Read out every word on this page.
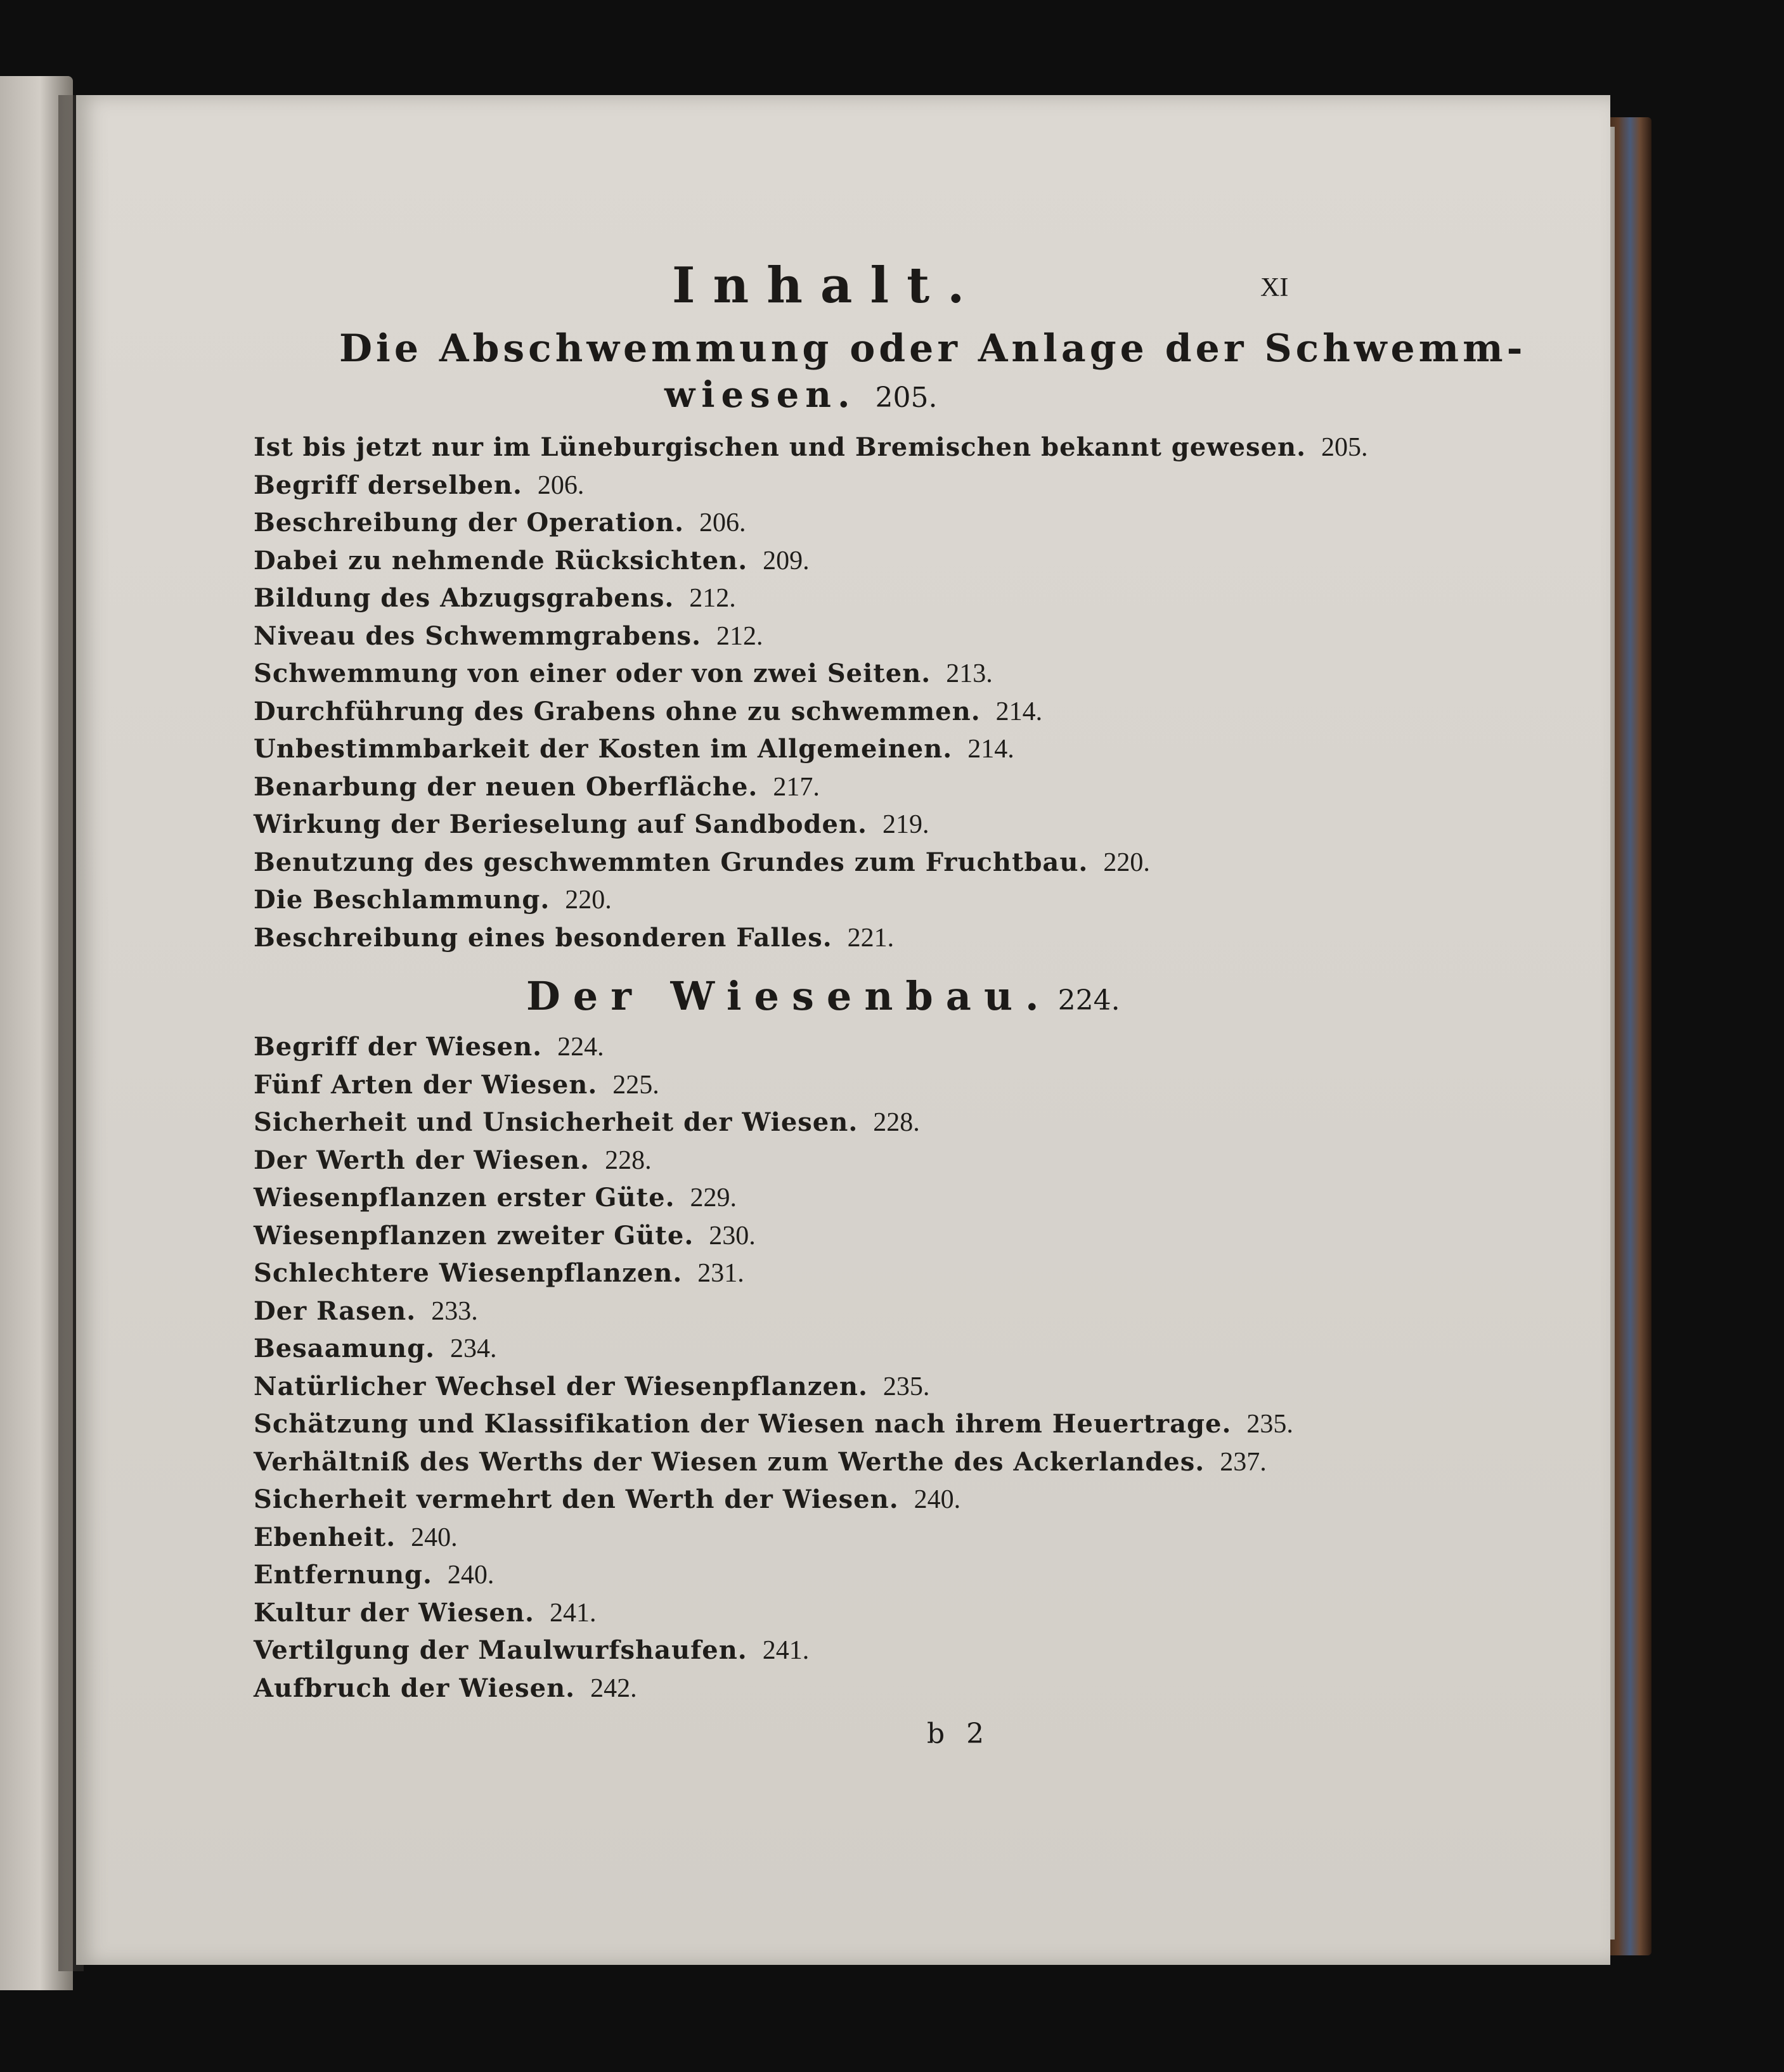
Inhalt.	XI
Die Abschwemmung oder Anlage der Schwemm-
wiesen. 205.
Ist bis jetzt nur im Lüneburgischen und Bremischen bekannt gewesen. 205.
Begriff derselben. 206.
Beschreibung der Operation. 206.
Dabei zu nehmende Rücksichten. 209.
Bildung des Abzugsgrabens. 212.
Niveau des Schwemmgrabens. 212.
Schwemmung von einer oder von zwei Seiten. 213.
Durchführung des Grabens ohne zu schwemmen. 214.
Unbestimmbarkeit der Kosten im Allgemeinen. 214.
Benarbung der neuen Oberfläche. 217.
Wirkung der Berieselung auf Sandboden. 219.
Benutzung des geschwemmten Grundes zum Fruchtbau. 220.
Die Beschlammung. 220.
Beschreibung eines besonderen Falles. 221.
Der Wiesenbau. 224.
Begriff der Wiesen. 224.
Fünf Arten der Wiesen. 225.
Sicherheit und Unsicherheit der Wiesen. 228.
Der Werth der Wiesen. 228.
Wiesenpflanzen erster Güte. 229.
Wiesenpflanzen zweiter Güte. 230.
Schlechtere Wiesenpflanzen. 231.
Der Rasen. 233.
Besaamung. 234.
Natürlicher Wechsel der Wiesenpflanzen. 235.
Schätzung und Klassifikation der Wiesen nach ihrem Heuertrage. 235.
Verhältniß des Werths der Wiesen zum Werthe des Ackerlandes. 237.
Sicherheit vermehrt den Werth der Wiesen. 240.
Ebenheit. 240.
Entfernung. 240.
Kultur der Wiesen. 241.
Vertilgung der Maulwurfshaufen. 241.
Aufbruch der Wiesen. 242.
b 2
